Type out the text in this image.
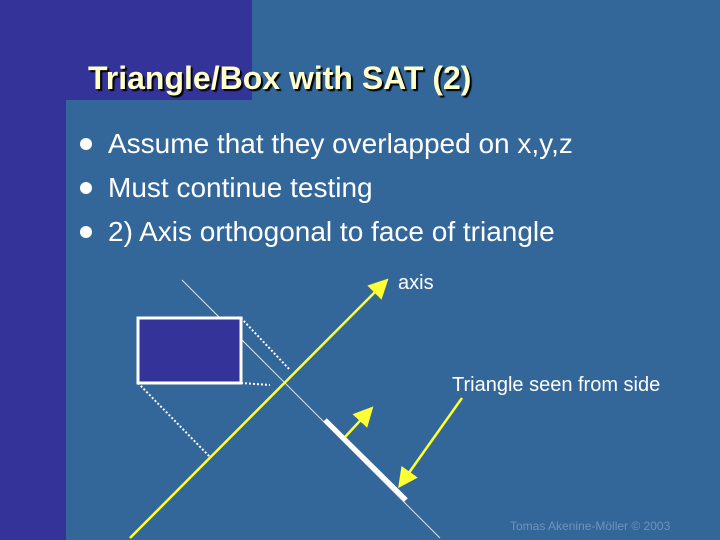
Triangle/Box with SAT (2)
Assume that they overlapped on x,y,z
Must continue testing
2) Axis orthogonal to face of triangle

axis

Triangle seen from side

Tomas Akenine-Möller © 2003
